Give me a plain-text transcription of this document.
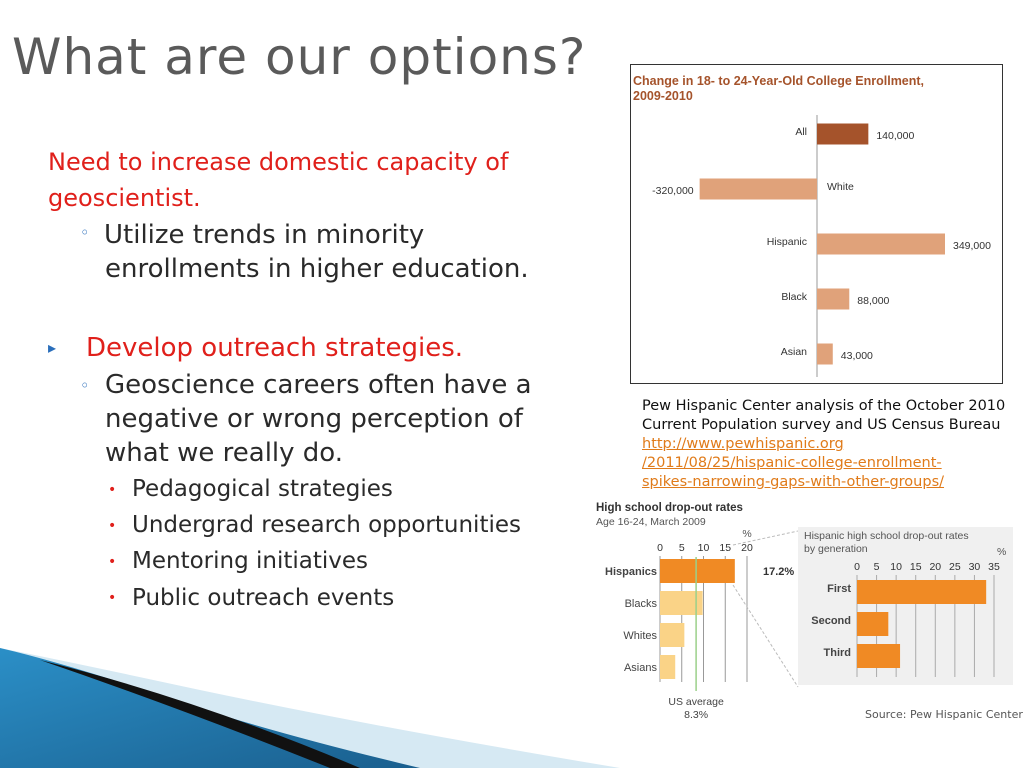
What are our options?
Need to increase domestic capacity of
geoscientist.
◦ Utilize trends in minority
enrollments in higher education.
▸ Develop outreach strategies.
◦ Geoscience careers often have a
negative or wrong perception of
what we really do.
• Pedagogical strategies
• Undergrad research opportunities
• Mentoring initiatives
• Public outreach events
Change in 18- to 24-Year-Old College Enrollment,
2009-2010
All	140,000
White
-320,000
Hispanic	349,000
Black	88,000
Asian	43,000
Pew Hispanic Center analysis of the October 2010 Current Population survey and US Census Bureau http://www.pewhispanic.org
/2011/08/25/hispanic-college-enrollment-
spikes-narrowing-gaps-with-other-groups/
High school drop-out rates
Age 16-24, March 2009
%
0 5 10 15 20
Hispanics
Blacks
Whites
Asians
17.2%
US average
8.3%
Hispanic high school drop-out rates
by generation	%
0 5 10 15 20 25 30 35
First
Second
Third
Source: Pew Hispanic Center
